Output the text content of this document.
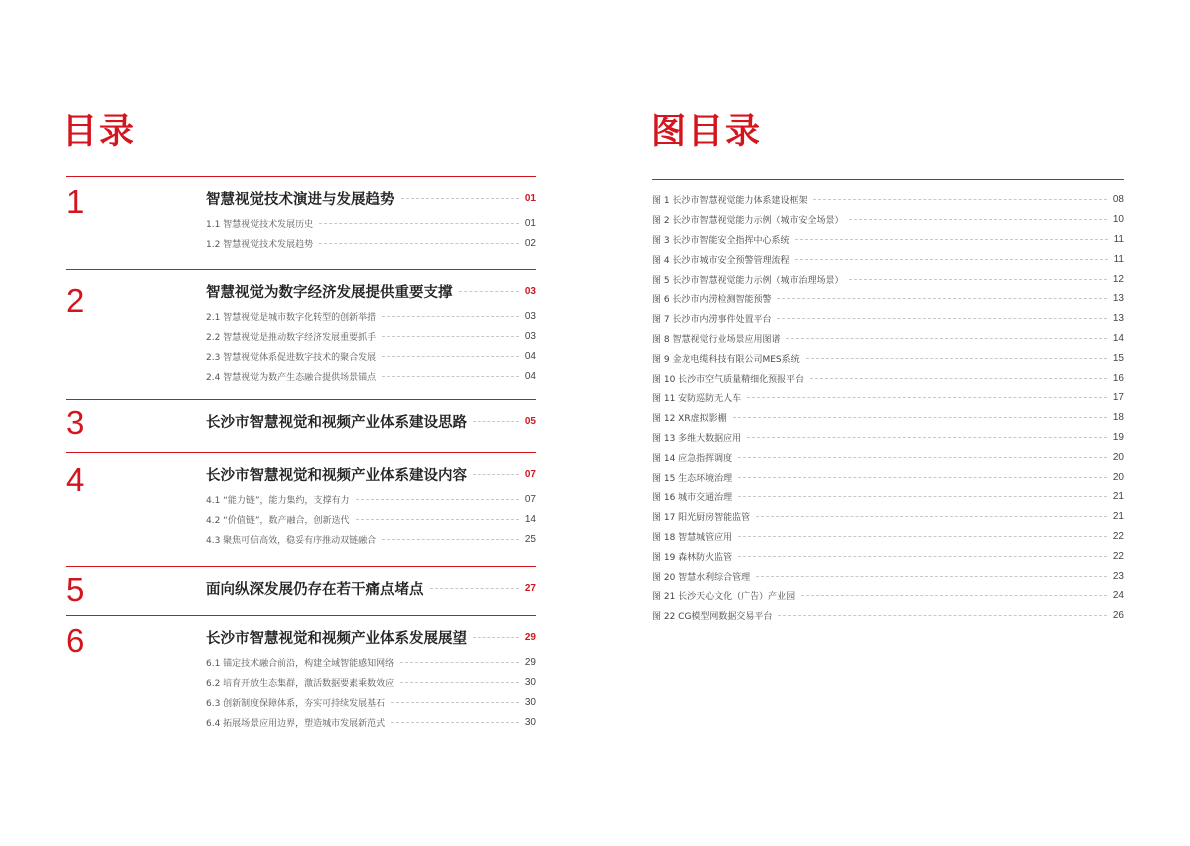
目录	图目录
1	智慧视觉技术演进与发展趋势	01
1.1 智慧视觉技术发展历史	01
1.2 智慧视觉技术发展趋势	02
2	智慧视觉为数字经济发展提供重要支撑	03
2.1 智慧视觉是城市数字化转型的创新举措	03
2.2 智慧视觉是推动数字经济发展重要抓手	03
2.3 智慧视觉体系促进数字技术的聚合发展	04
2.4 智慧视觉为数产生态融合提供场景锚点	04
3	长沙市智慧视觉和视频产业体系建设思路	05
4	长沙市智慧视觉和视频产业体系建设内容	07
4.1 “能力链”，能力集约，支撑有力	07
4.2 “价值链”，数产融合，创新迭代	14
4.3 聚焦可信高效，稳妥有序推动双链融合	25
5	面向纵深发展仍存在若干痛点堵点	27
6	长沙市智慧视觉和视频产业体系发展展望	29
6.1 锚定技术融合前沿，构建全域智能感知网络	29
6.2 培育开放生态集群，激活数据要素乘数效应	30
6.3 创新制度保障体系，夯实可持续发展基石	30
6.4 拓展场景应用边界，塑造城市发展新范式	30
图 1 长沙市智慧视觉能力体系建设框架	08
图 2 长沙市智慧视觉能力示例（城市安全场景）	10
图 3 长沙市智能安全指挥中心系统	11
图 4 长沙市城市安全预警管理流程	11
图 5 长沙市智慧视觉能力示例（城市治理场景）	12
图 6 长沙市内涝检测智能预警	13
图 7 长沙市内涝事件处置平台	13
图 8 智慧视觉行业场景应用图谱	14
图 9 金龙电缆科技有限公司MES系统	15
图 10 长沙市空气质量精细化预报平台	16
图 11 安防巡防无人车	17
图 12 XR虚拟影棚	18
图 13 多维大数据应用	19
图 14 应急指挥调度	20
图 15 生态环境治理	20
图 16 城市交通治理	21
图 17 阳光厨房智能监管	21
图 18 智慧城管应用	22
图 19 森林防火监管	22
图 20 智慧水利综合管理	23
图 21 长沙天心文化（广告）产业园	24
图 22 CG模型网数据交易平台	26
